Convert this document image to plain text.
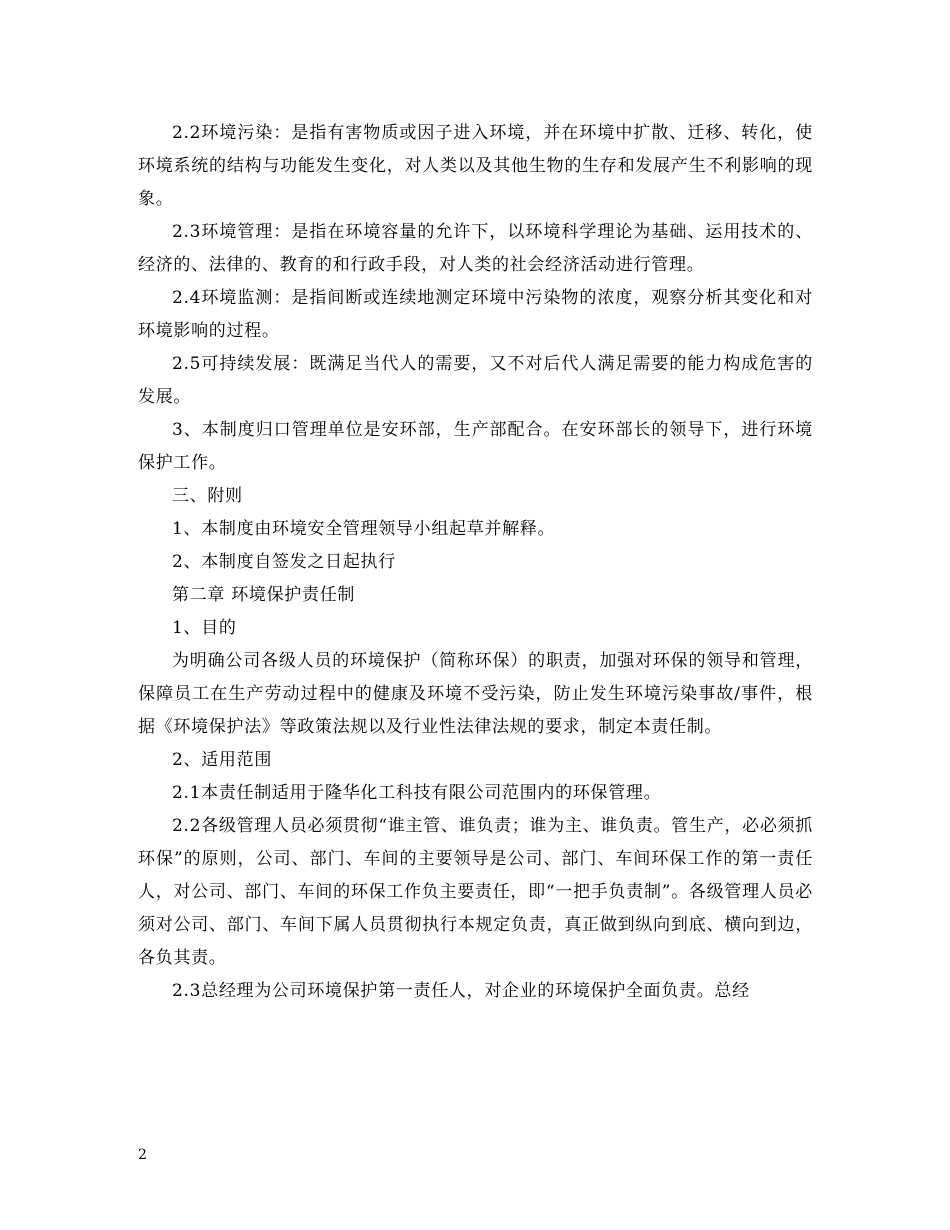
2.2环境污染：是指有害物质或因子进入环境，并在环境中扩散、迁移、转化，使环境系统的结构与功能发生变化，对人类以及其他生物的生存和发展产生不利影响的现象。

2.3环境管理：是指在环境容量的允许下，以环境科学理论为基础、运用技术的、经济的、法律的、教育的和行政手段，对人类的社会经济活动进行管理。

2.4环境监测：是指间断或连续地测定环境中污染物的浓度，观察分析其变化和对环境影响的过程。

2.5可持续发展：既满足当代人的需要，又不对后代人满足需要的能力构成危害的发展。

3、本制度归口管理单位是安环部，生产部配合。在安环部长的领导下，进行环境保护工作。

三、附则

1、本制度由环境安全管理领导小组起草并解释。

2、本制度自签发之日起执行

第二章 环境保护责任制

1、目的

为明确公司各级人员的环境保护（简称环保）的职责，加强对环保的领导和管理，保障员工在生产劳动过程中的健康及环境不受污染，防止发生环境污染事故/事件，根据《环境保护法》等政策法规以及行业性法律法规的要求，制定本责任制。

2、适用范围

2.1本责任制适用于隆华化工科技有限公司范围内的环保管理。

2.2各级管理人员必须贯彻“谁主管、谁负责；谁为主、谁负责。管生产，必必须抓环保”的原则，公司、部门、车间的主要领导是公司、部门、车间环保工作的第一责任人，对公司、部门、车间的环保工作负主要责任，即“一把手负责制”。各级管理人员必须对公司、部门、车间下属人员贯彻执行本规定负责，真正做到纵向到底、横向到边，各负其责。

2.3总经理为公司环境保护第一责任人，对企业的环境保护全面负责。总经

2
